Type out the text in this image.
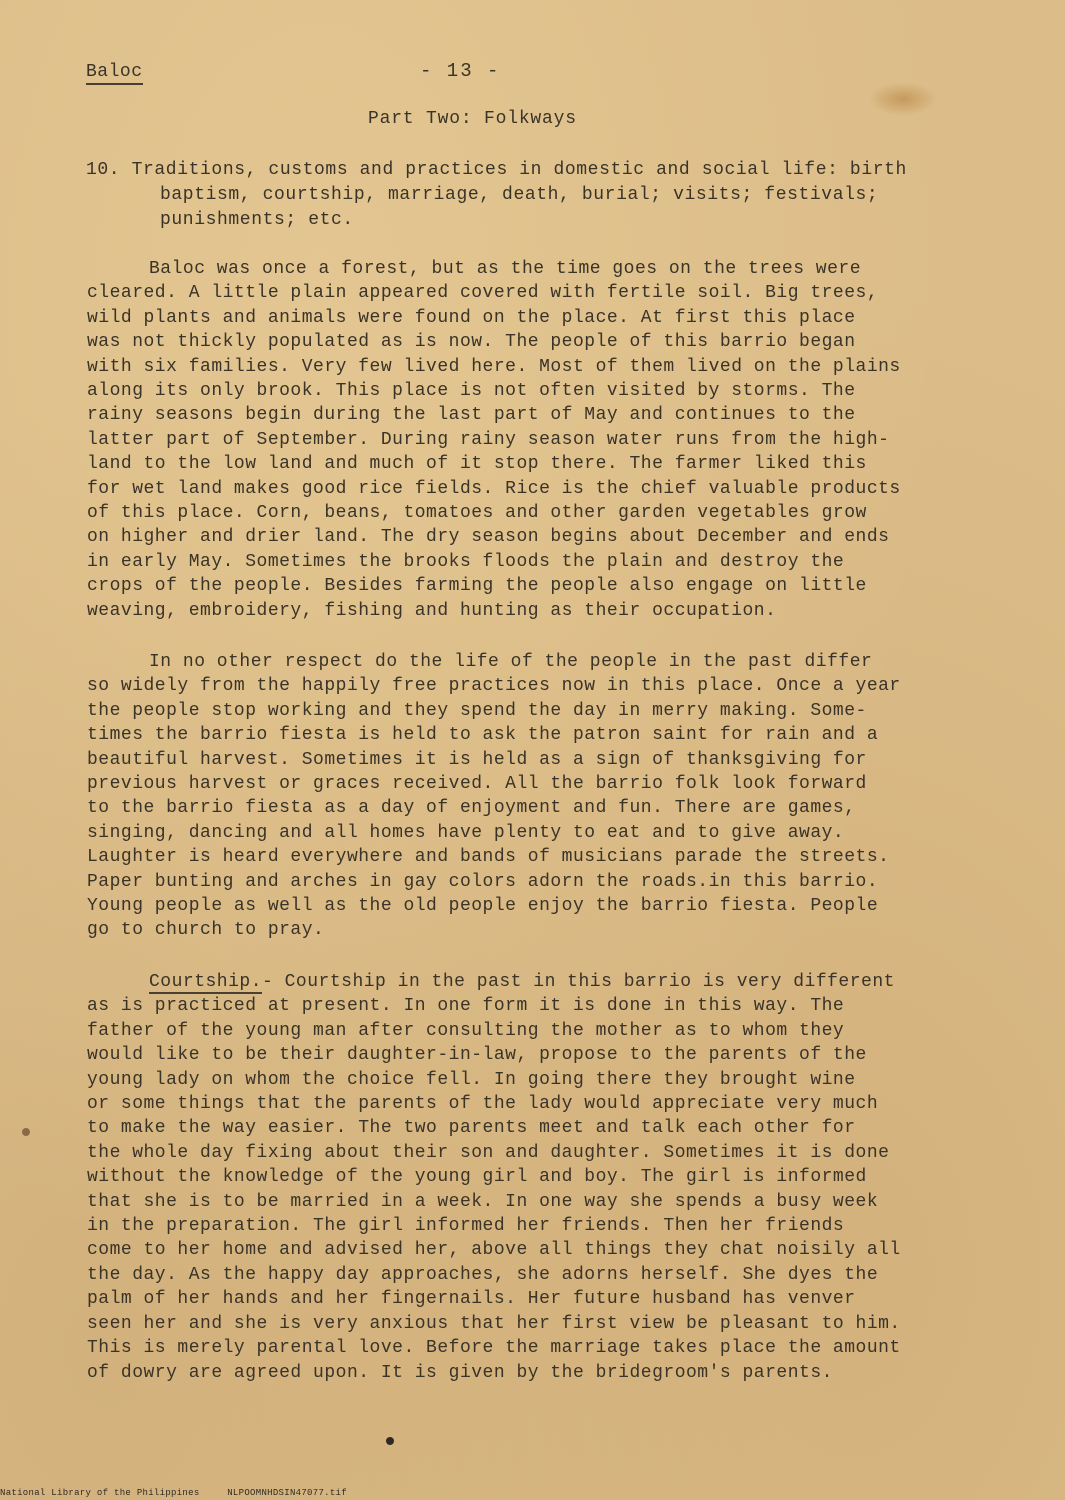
Baloc	- 13 -
Part Two: Folkways
10. Traditions, customs and practices in domestic and social life: birth
baptism, courtship, marriage, death, burial; visits; festivals;
punishments; etc.
Baloc was once a forest, but as the time goes on the trees were
cleared. A little plain appeared covered with fertile soil. Big trees,
wild plants and animals were found on the place. At first this place
was not thickly populated as is now. The people of this barrio began
with six families. Very few lived here. Most of them lived on the plains
along its only brook. This place is not often visited by storms. The
rainy seasons begin during the last part of May and continues to the
latter part of September. During rainy season water runs from the high-
land to the low land and much of it stop there. The farmer liked this
for wet land makes good rice fields. Rice is the chief valuable products
of this place. Corn, beans, tomatoes and other garden vegetables grow
on higher and drier land. The dry season begins about December and ends
in early May. Sometimes the brooks floods the plain and destroy the
crops of the people. Besides farming the people also engage on little
weaving, embroidery, fishing and hunting as their occupation.
In no other respect do the life of the people in the past differ
so widely from the happily free practices now in this place. Once a year
the people stop working and they spend the day in merry making. Some-
times the barrio fiesta is held to ask the patron saint for rain and a
beautiful harvest. Sometimes it is held as a sign of thanksgiving for
previous harvest or graces received. All the barrio folk look forward
to the barrio fiesta as a day of enjoyment and fun. There are games,
singing, dancing and all homes have plenty to eat and to give away.
Laughter is heard everywhere and bands of musicians parade the streets.
Paper bunting and arches in gay colors adorn the roads.in this barrio.
Young people as well as the old people enjoy the barrio fiesta. People
go to church to pray.
Courtship.- Courtship in the past in this barrio is very different
as is practiced at present. In one form it is done in this way. The
father of the young man after consulting the mother as to whom they
would like to be their daughter-in-law, propose to the parents of the
young lady on whom the choice fell. In going there they brought wine
or some things that the parents of the lady would appreciate very much
to make the way easier. The two parents meet and talk each other for
the whole day fixing about their son and daughter. Sometimes it is done
without the knowledge of the young girl and boy. The girl is informed
that she is to be married in a week. In one way she spends a busy week
in the preparation. The girl informed her friends. Then her friends
come to her home and advised her, above all things they chat noisily all
the day. As the happy day approaches, she adorns herself. She dyes the
palm of her hands and her fingernails. Her future husband has venver
seen her and she is very anxious that her first view be pleasant to him.
This is merely parental love. Before the marriage takes place the amount
of dowry are agreed upon. It is given by the bridegroom's parents.
National Library of the Philippines	NLPOOMNHDSIN47077.tif
